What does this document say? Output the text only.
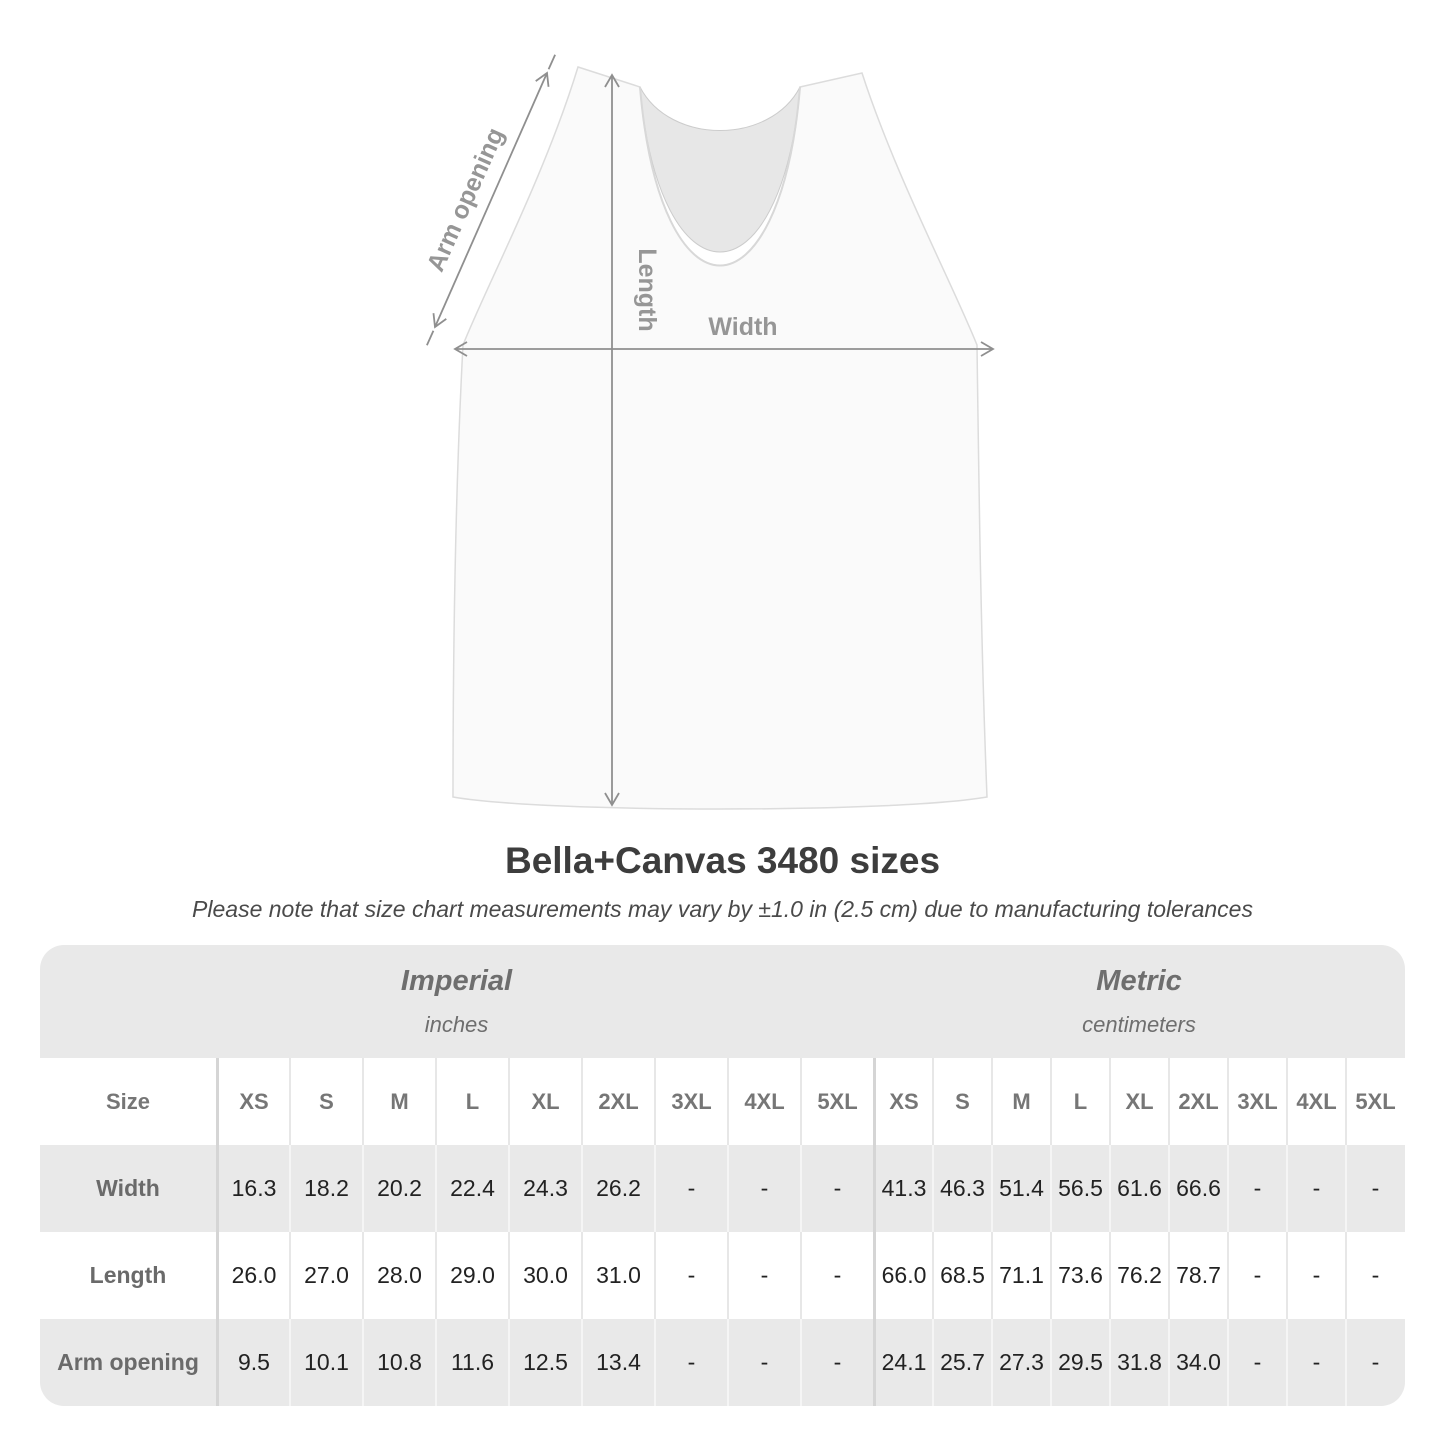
Arm opening
Length Width
Bella+Canvas 3480 sizes
Please note that size chart measurements may vary by ±1.0 in (2.5 cm) due to manufacturing tolerances
Imperial
inches
Metric
centimeters
Size	XS	S	M	L	XL	2XL	3XL	4XL	5XL	XS	S	M	L	XL	2XL 3XL 4XL 5XL
Width	16.3	18.2	20.2	22.4	24.3	26.2	-	-	-	41.3 46.3 51.4 56.5 61.6 66.6	-	-	-
Length	26.0	27.0	28.0	29.0	30.0	31.0	-	-	-	66.0 68.5 71.1 73.6 76.2 78.7	-	-	-
Arm opening	9.5	10.1	10.8	11.6	12.5	13.4	-	-	-	24.1 25.7 27.3 29.5 31.8 34.0	-	-	-
